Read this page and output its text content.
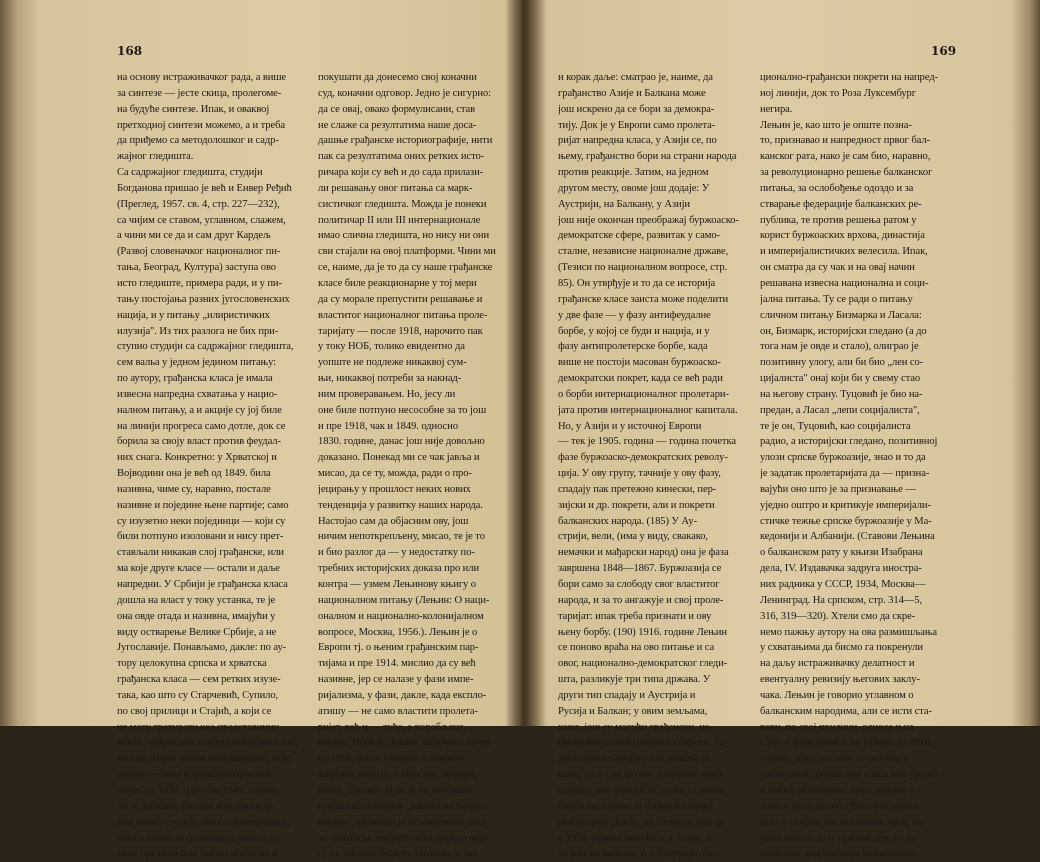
168
на основу истраживачког рада, а више
за синтезе — јесте скица, пролегоме-
на будуће синтезе. Ипак, и оваквој
претходној синтези можемо, а и треба
да приђемо са методолошког и садр-
жајног гледишта.
Са садржајног гледишта, студији
Богданова пришао је већ и Енвер Ређић
(Преглед, 1957. св. 4, стр. 227—232),
са чијим се ставом, углавном, слажем,
а чини ми се да и сам друг Кардељ
(Развој словеначког националног пи-
тања, Београд, Култура) заступа ово
исто гледиште, примера ради, и у пи-
тању постојања разних југословенских
нација, и у питању „илиристичких
илузија". Из тих разлога не бих при-
ступио студији са садржајног гледишта,
сем вальа у једном јединoм питању:
по аутору, грађанска класа је имала
извесна напредна схватања у нацио-
налном питању, а и акције су јој биле
на линији прогреса само дотле, док се
борила за своју власт против феудал-
них снага. Конкретно: у Хрватској и
Војводини она је већ од 1849. била
називна, чиме су, нарaвно, постале
називне и поједине њене партије; само
су изузетно неки појединци — који су
били потпуно изоловани и нису прет-
стављали никакав слој грађанске, или
ма које друге класе — остали и даље
напредни. У Србији је грађанска класа
дошла на власт у току устанка, те је
она овде отада и називна, имајући у
виду остварење Велике Србије, а не
Југославије. Понављамо, дакле: по ау-
тору целокупна српска и хрватска
грађанска класа — сем ретких изузе-
така, као што су Старчевић, Супило,
по свој прилици и Стајић, а који се
не могу третирати као представници
неких грађанских слојева,већ једино као,
на овај начин нечим необјашњени, поје-
динци — била је реакционарна већ
почев од 1830. односно 1849. године.
То је, свакако, питање које изискује
још много студија, много проверавања,
много нових истраживања, много до-
каза, пре него што бисмо могли на и
покушати да донесемо свој коначни
суд, коначни одговор. Једно је сигурно:
да се овај, овако формулисани, став
не слаже са резултатима наше дoса-
дашње грађанске историографије, нити
пак са резултатима оних ретких исто-
ричара који су већ и до сада прилази-
ли решавању овог питања са марк-
систичког гледишта. Можда је понеки
политичар II или III интернационале
имао слична гледишта, но нису ни они
сви стајали на овој платформи. Чини ми
се, наиме, да је то да су наше грађанске
класе биле реакционарне у тој мери
да су морале препустити решавање и
властитог националног питања проле-
таријату — после 1918, нарочито пак
у току НОБ, толико евидентно да
уопште не подлеже никаквој сум-
њи, никаквој потреби за накнад-
ним проверавањем. Но, јесу ли
оне биле потпуно несособне за то још
и пре 1918, чак и 1849. односно
1830. године, данас још није довољно
доказано. Понекад ми се чак јавља и
мисао, да се ту, можда, ради о про-
јецирању у прошлост неких нових
тенденција у развитку наших народа.
Настојао сам да објасним ову, још
ничим непоткрепљену, мисао, те је то
и био разлог да — у недостатку по-
требних историјских доказа про или
контра — узмем Лењинову књигу о
националном питању (Лењин: О наци-
оналном и национално-колонијалном
вопросе, Москва, 1956.). Лењин је о
Европи тј. о њеним грађанским пар-
тијама и пре 1914. мислио да су већ
називне, јер се налазе у фази импе-
ријализма, у фази, дакле, када експло-
атишу — не само властити пролета-
ријат, већ и — туђе, а поробљене,
нације. Ипак је Лењин, нарочито почев
од 1908, често говорио о покрету
азијских народа, о Персији, Индији,
Кини, Турској. И ок је он осуђивао
грађанске либерале „капиталистичких
нација", заузимао је истовремено став
за грађанске покрете оних народа који
су се тек ослобађали. Отишао је чак
169
и корак даље: сматрао је, наиме, да
грађанство Азије и Балкана може
још искрено да се бори за демокра-
тију. Док је у Европи само пролета-
ријат напредна класа, у Азији се, по
њему, грађанство бори на страни народа
против реакције. Затим, на једном
другом месту, овоме још додаје: У
Аустрији, на Балкану, у Азији
још није окончан преображај буржоаско-
демократске сфере, развитак у само-
сталне, независне националне државе,
(Тезиси по националном вопросе, стр.
85). Он утврђује и то да се историја
грађанске класе заиста може поделити
у две фазе — у фазу антифеудалне
борбе, у којој се буди и нација, и у
фазу антипролетерске борбе, када
више не постоји масован буржоаско-
демократски покрет, када се већ ради
о борби интернационалног пролетари-
јата против интернационалног капитала.
Но, у Азији и у источној Европи
— тек је 1905. година — година почетка
фазе буржоаско-демократских револу-
ција. У ову групу, тачније у ову фазу,
спадају пак претежно кинески, пер-
зијски и др. покрети, али и покрети
балканских народа. (185) У Ау-
стрији, вели, (има у виду, свакако,
немачки и мађарски народ) она је фаза
завршена 1848—1867. Буржоазија се
бори само за слободу свог властитог
народа, и за то ангажује и свој проле-
таријат: ипак треба признати и ову
њену борбу. (190) 1916. године Лењин
се поново враћа на ово питање и са
овог, национално-демократског гледи-
шта, разликује три типа држава. У
други тип спадају и Аустрија и
Русија и Балкан; у овим земљама,
каже, још су могући грађански, на-
ционално-ослободилачки покрети. За-
датак пролетаријата тих земаља је,
каже, да и сам да свој допринос довр-
шавању ове фазе НОБ, да би се затим
борба наставила за социјалистичку
револуцију. Дакле, по Лењину, још су
у 1916. години могући и у Азији, и
то јест на Балкану и у Аустрији, на-
ционално-грађански покрети на напред-
ној линији, док то Роза Луксембург
негира.
Лењин је, као што је опште позна-
то, признавао и напредност првог бал-
канског рата, нако је сам био, нарaвно,
за револуционарно решење балканског
питања, за ослобођење одоздо и за
стварање федерације балканских ре-
публика, те против решења ратом у
корист буржоаских врхова, династија
и империјалистичких велесила. Ипак,
он сматра да су чак и на овај начин
решавана извесна национална и соци-
јална питања. Ту се ради о питању
сличном питању Бизмарка и Ласала:
он, Бизмарк, историјски гледано (а до
тога нам је овде и стало), олигрaо је
позитивну улогу, али би био „лен со-
цијалиста" онај који би у свему стао
на његову страну. Туцовић је био на-
предан, а Ласал „лепи социјалиста",
те је он, Туцовић, као социјалиста
радио, а историјски гледано, позитивној
улози српске буржоазије, знао и то да
је задатак пролетаријата да — призна-
вајући оно што је за признавање —
уједно оштро и критикује империјали-
стичке тежње српске буржоазије у Ма-
кедонији и Албанији. (Ставови Лењина
о балканском рату у књизи Изабрана
дела, IV. Издавачка задруга иностра-
них радника у СССР, 1934, Москва—
Ленинград. На српском, стр. 314—5,
316, 319—320). Хтели смо да скре-
немо пажњу аутору на ова размишљања
у схватањима да бисмо га покренули
на даљу истраживачку делатност и
евентуалну ревизију његових заклу-
чака. Лењин је говорио углавном о
балканским народима, али се исти ста-
вови, по свој прилици, односе и на
Србе у Војводини и на Хрвате до 1918.
године, нако, по себи се разуме, у
улози оних грађанских класа има уједно
и много негативних прта. Управо у
томе и јесте заслуга Васе Богданова
што је открио ове негативне прте; но
чини нам се да је притом дошло до
извесних, код пионира неминовних,
